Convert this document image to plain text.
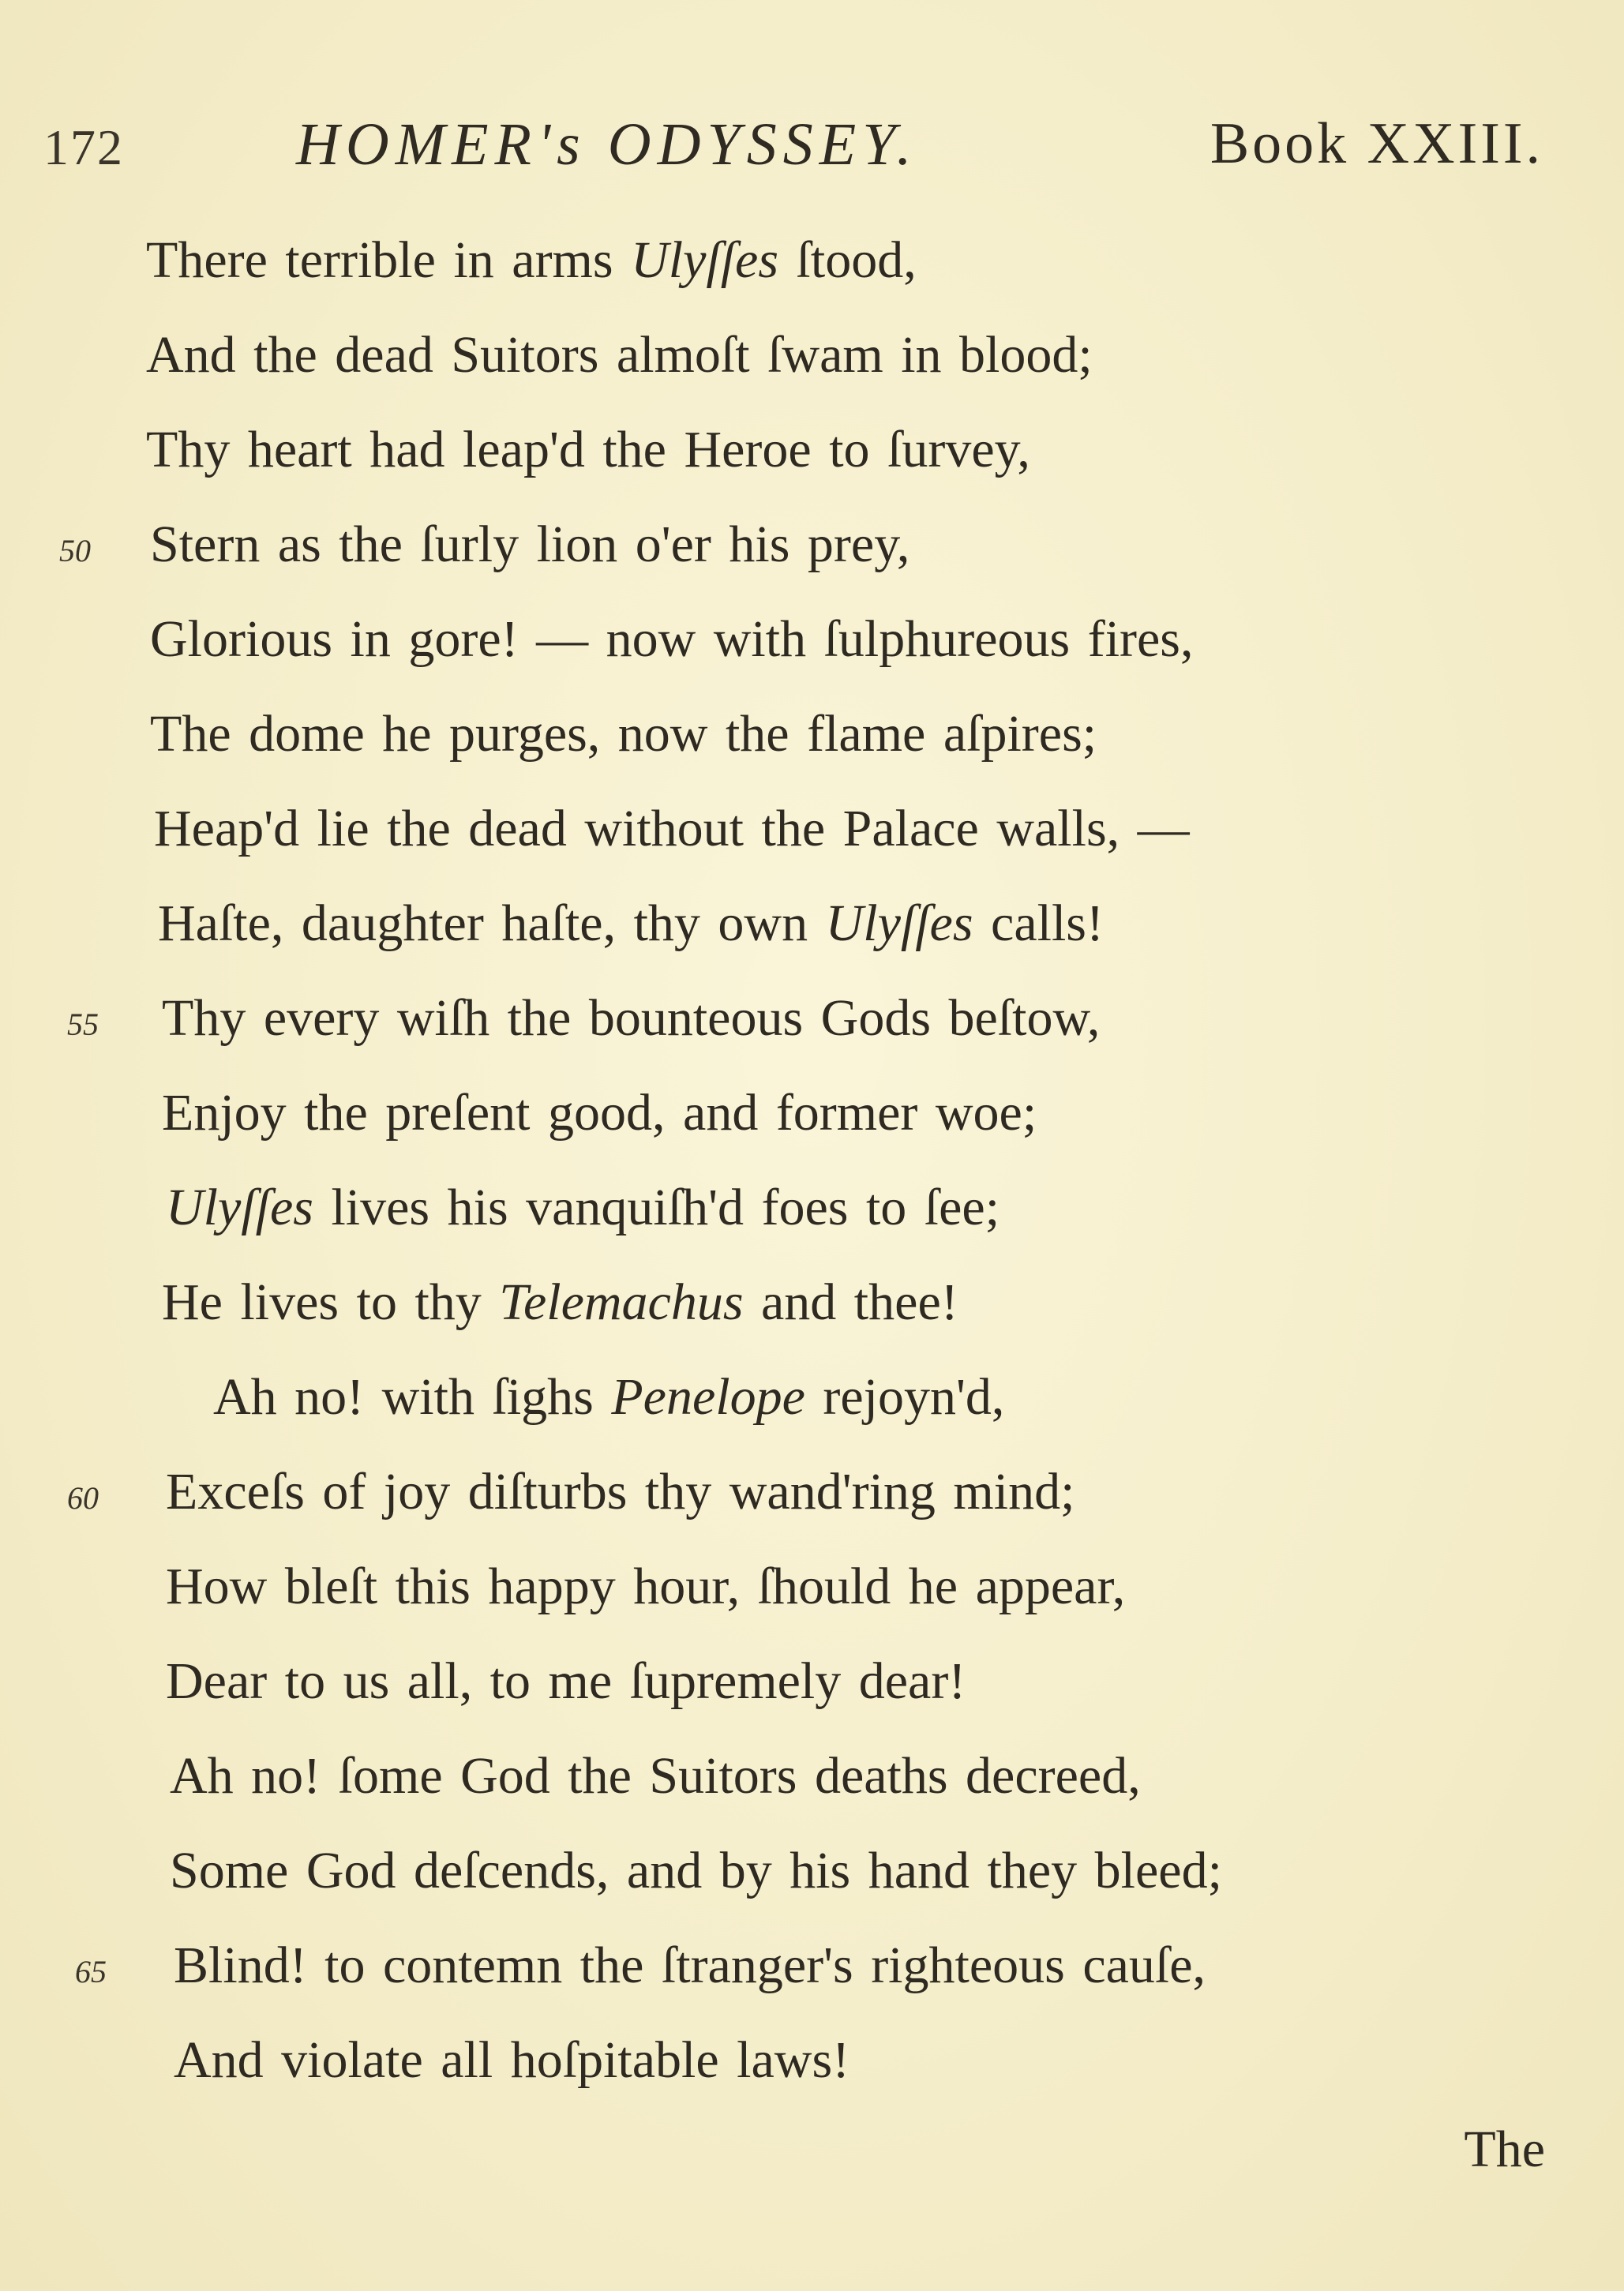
172	HOMER's ODYSSEY.	Book XXIII.
There terrible in arms Ulyſſes ſtood,
And the dead Suitors almoſt ſwam in blood;
Thy heart had leap'd the Heroe to ſurvey,
50 Stern as the ſurly lion o'er his prey,
Glorious in gore! — now with ſulphureous fires,
The dome he purges, now the flame aſpires;
Heap'd lie the dead without the Palace walls, —
Haſte, daughter haſte, thy own Ulyſſes calls!
55 Thy every wiſh the bounteous Gods beſtow,
Enjoy the preſent good, and former woe;
Ulyſſes lives his vanquiſh'd foes to ſee;
He lives to thy Telemachus and thee!
Ah no! with ſighs Penelope rejoyn'd,
60 Exceſs of joy diſturbs thy wand'ring mind;
How bleſt this happy hour, ſhould he appear,
Dear to us all, to me ſupremely dear!
Ah no! ſome God the Suitors deaths decreed,
Some God deſcends, and by his hand they bleed;
65 Blind! to contemn the ſtranger's righteous cauſe,
And violate all hoſpitable laws!
The
